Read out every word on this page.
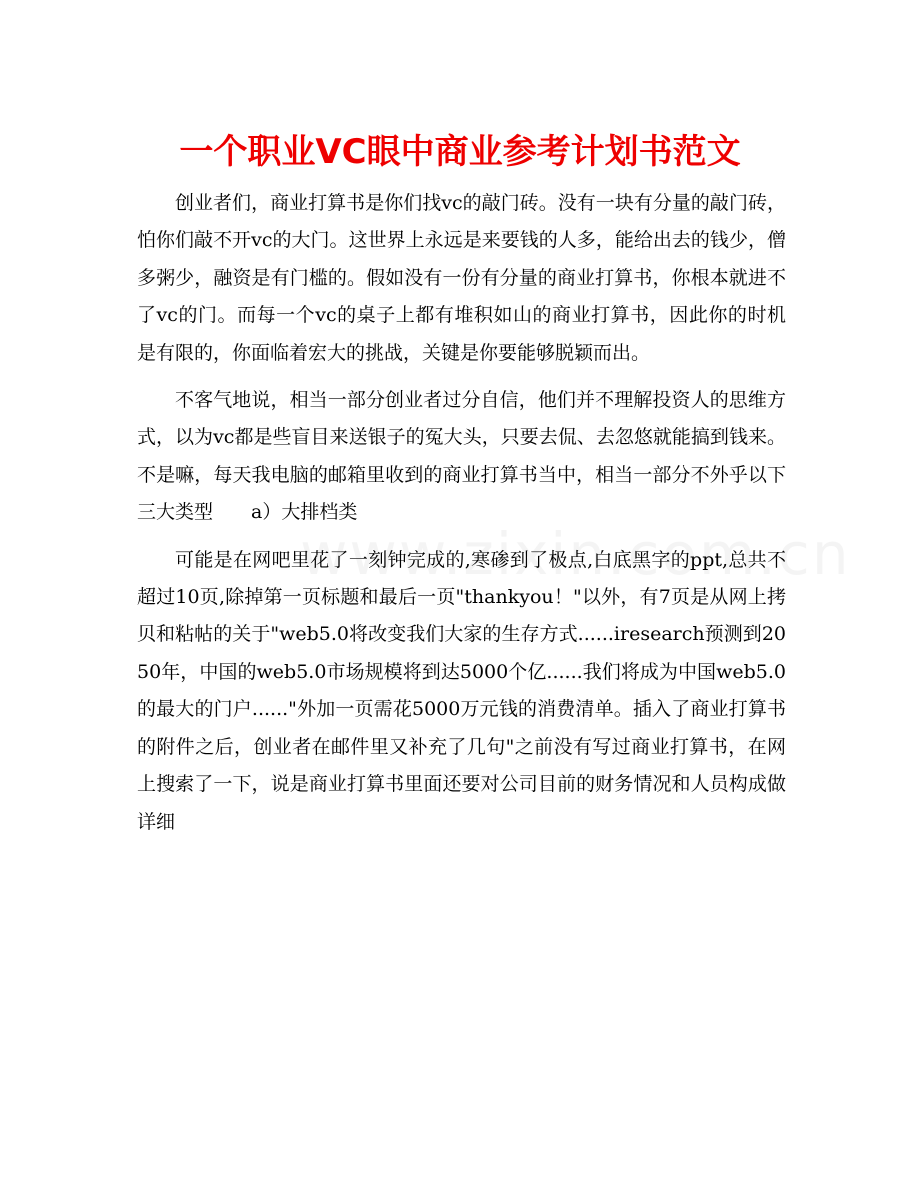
一个职业VC眼中商业参考计划书范文

创业者们，商业打算书是你们找vc的敲门砖。没有一块有分量的敲门砖，怕你们敲不开vc的大门。这世界上永远是来要钱的人多，能给出去的钱少，僧多粥少，融资是有门槛的。假如没有一份有分量的商业打算书，你根本就进不了vc的门。而每一个vc的桌子上都有堆积如山的商业打算书，因此你的时机是有限的，你面临着宏大的挑战，关键是你要能够脱颖而出。

不客气地说，相当一部分创业者过分自信，他们并不理解投资人的思维方式，以为vc都是些盲目来送银子的冤大头，只要去侃、去忽悠就能搞到钱来。不是嘛，每天我电脑的邮箱里收到的商业打算书当中，相当一部分不外乎以下三大类型　　a）大排档类

可能是在网吧里花了一刻钟完成的,寒碜到了极点,白底黑字的ppt,总共不超过10页,除掉第一页标题和最后一页"thankyou！"以外，有7页是从网上拷贝和粘帖的关于"web5.0将改变我们大家的生存方式......iresearch预测到2050年，中国的web5.0市场规模将到达5000个亿......我们将成为中国web5.0的最大的门户......"外加一页需花5000万元钱的消费清单。插入了商业打算书的附件之后，创业者在邮件里又补充了几句"之前没有写过商业打算书，在网上搜索了一下，说是商业打算书里面还要对公司目前的财务情况和人员构成做详细
